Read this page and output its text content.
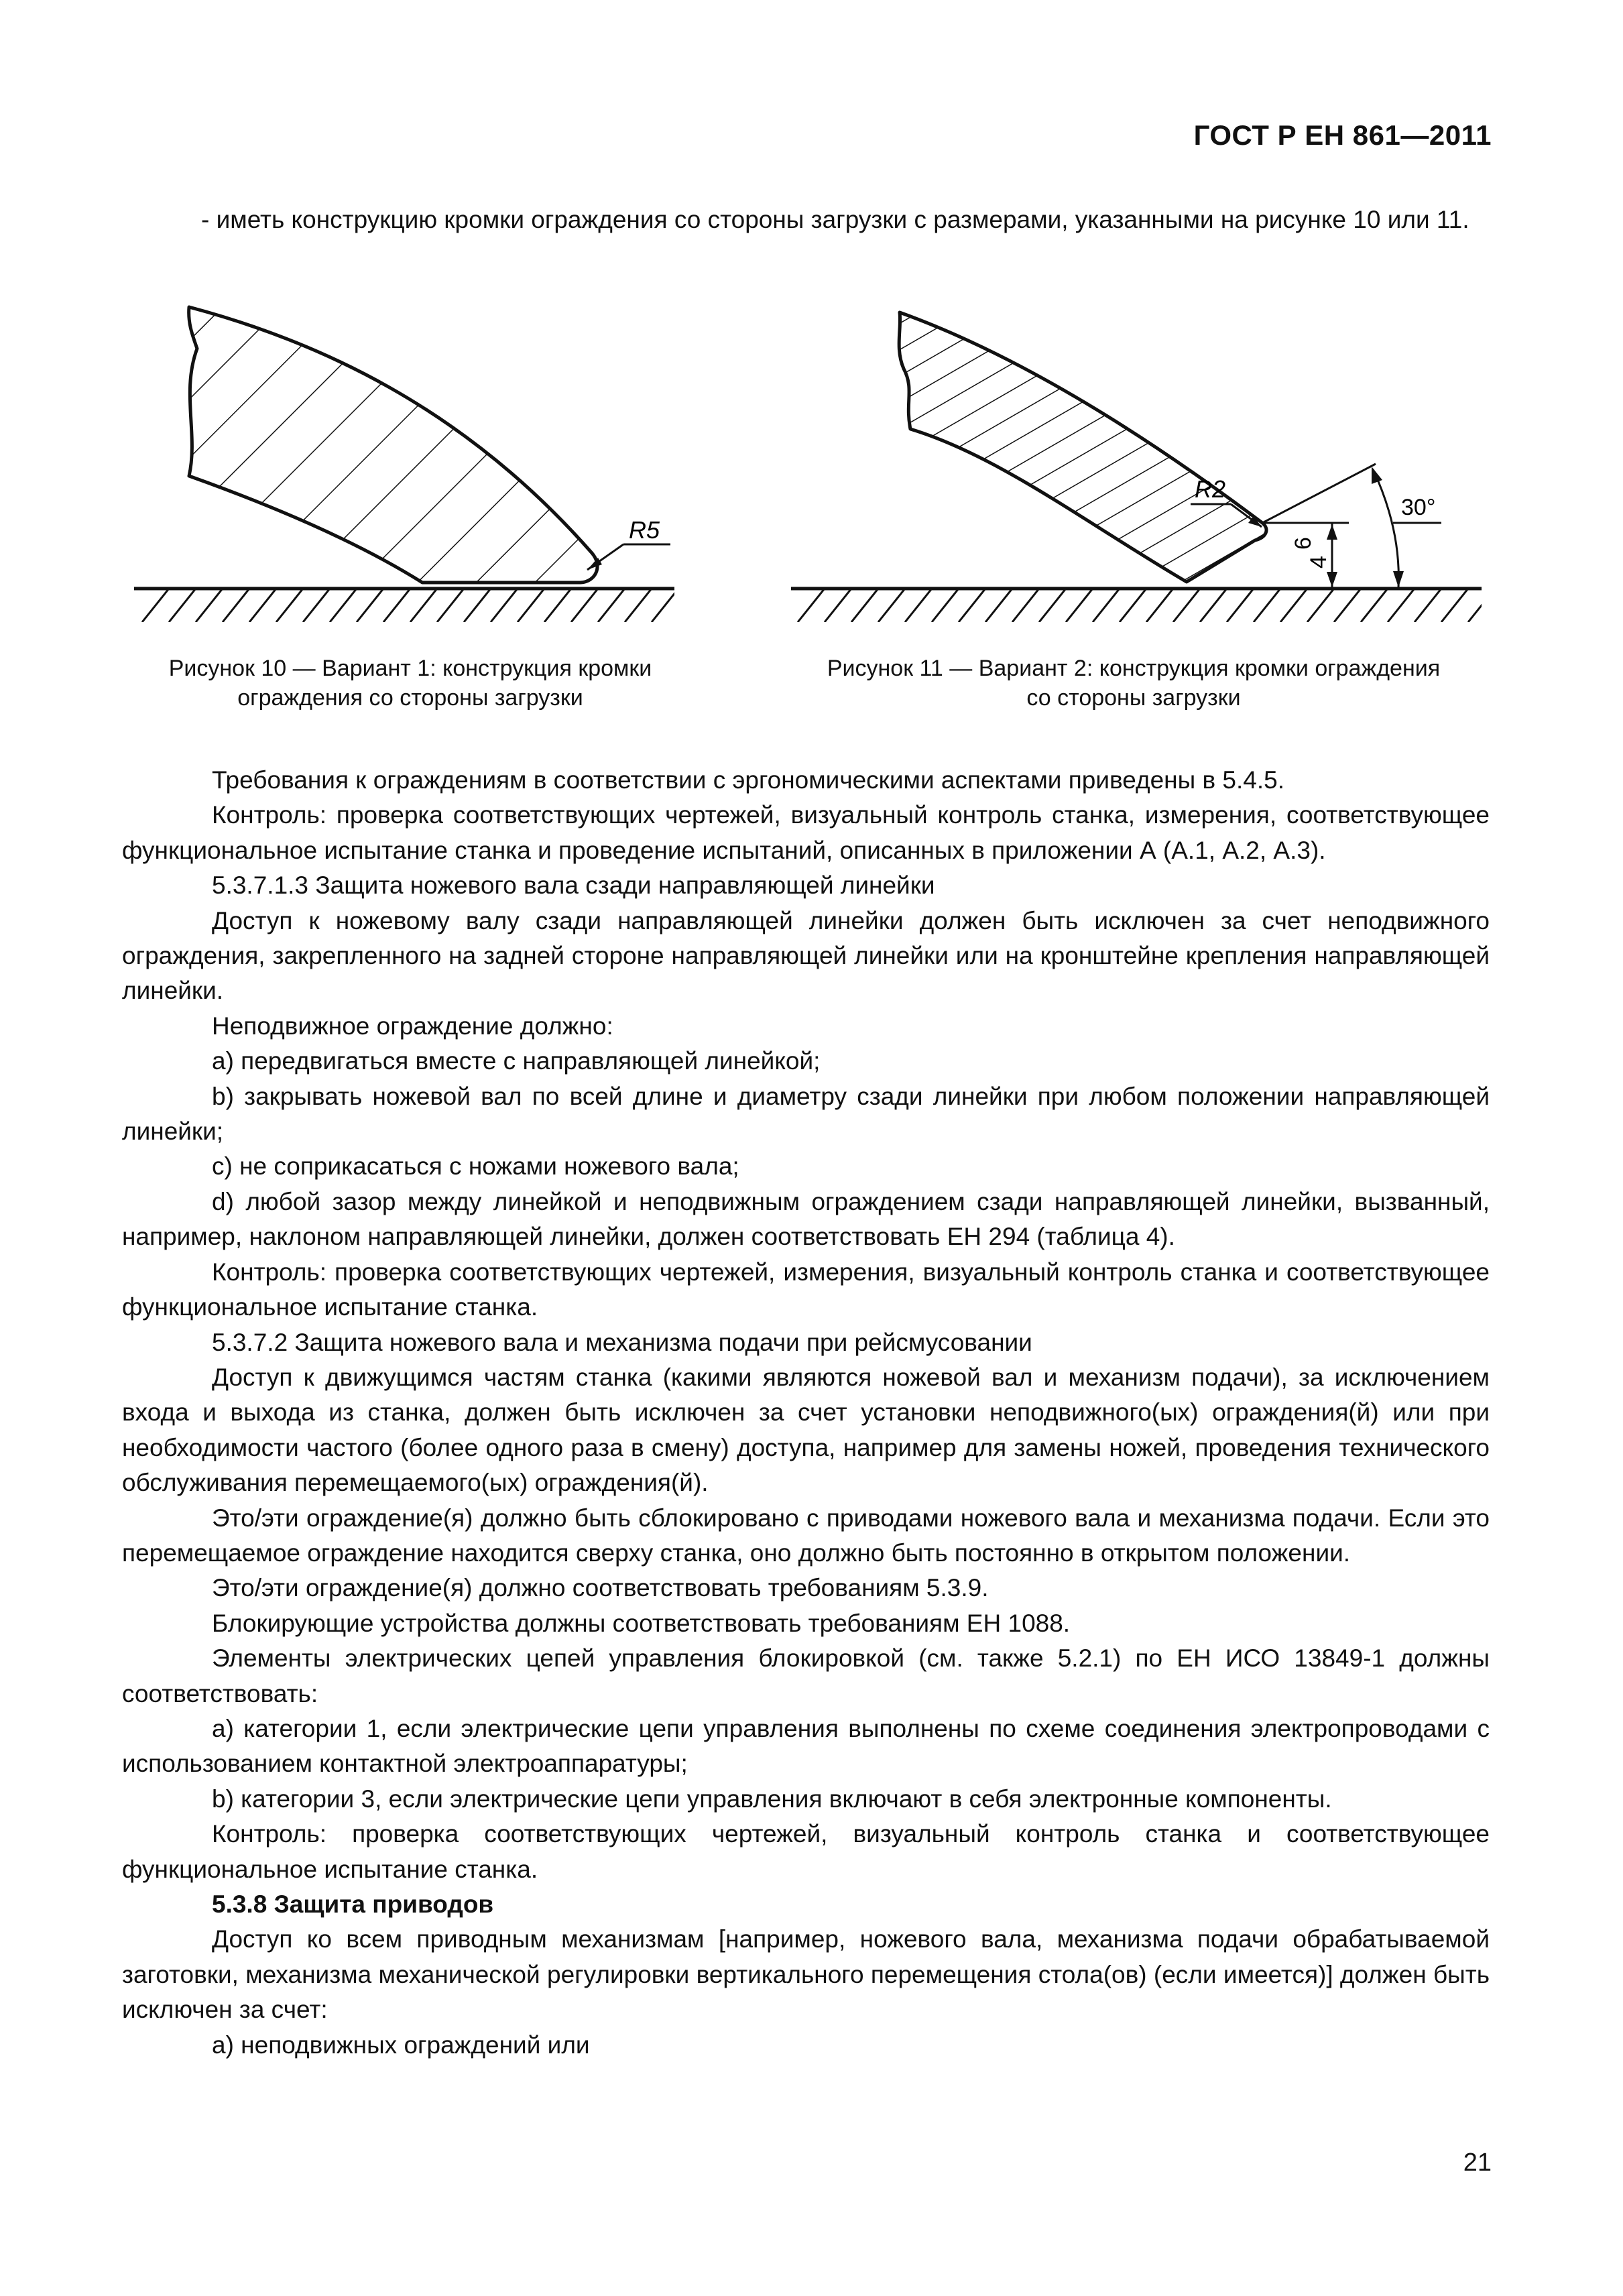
ГОСТ Р ЕН 861—2011
- иметь конструкцию кромки ограждения со стороны загрузки с размерами, указанными на рисунке 10 или 11.
R5	6
4
30°
R2
Рисунок 10 — Вариант 1: конструкция кромки
ограждения со стороны загрузки
Рисунок 11 — Вариант 2: конструкция кромки ограждения
со стороны загрузки

Требования к ограждениям в соответствии с эргономическими аспектами приведены в 5.4.5.

Контроль: проверка соответствующих чертежей, визуальный контроль станка, измерения, соответствующее функциональное испытание станка и проведение испытаний, описанных в приложении А (А.1, А.2, А.3).

5.3.7.1.3 Защита ножевого вала сзади направляющей линейки

Доступ к ножевому валу сзади направляющей линейки должен быть исключен за счет неподвижного ограждения, закрепленного на задней стороне направляющей линейки или на кронштейне крепления направляющей линейки.

Неподвижное ограждение должно:

a) передвигаться вместе с направляющей линейкой;

b) закрывать ножевой вал по всей длине и диаметру сзади линейки при любом положении направляющей линейки;

c) не соприкасаться с ножами ножевого вала;

d) любой зазор между линейкой и неподвижным ограждением сзади направляющей линейки, вызванный, например, наклоном направляющей линейки, должен соответствовать ЕН 294 (таблица 4).

Контроль: проверка соответствующих чертежей, измерения, визуальный контроль станка и соответствующее функциональное испытание станка.

5.3.7.2 Защита ножевого вала и механизма подачи при рейсмусовании

Доступ к движущимся частям станка (какими являются ножевой вал и механизм подачи), за исключением входа и выхода из станка, должен быть исключен за счет установки неподвижного(ых) ограждения(й) или при необходимости частого (более одного раза в смену) доступа, например для замены ножей, проведения технического обслуживания перемещаемого(ых) ограждения(й).

Это/эти ограждение(я) должно быть сблокировано с приводами ножевого вала и механизма подачи. Если это перемещаемое ограждение находится сверху станка, оно должно быть постоянно в открытом положении.

Это/эти ограждение(я) должно соответствовать требованиям 5.3.9.

Блокирующие устройства должны соответствовать требованиям ЕН 1088.

Элементы электрических цепей управления блокировкой (см. также 5.2.1) по ЕН ИСО 13849-1 должны соответствовать:

a) категории 1, если электрические цепи управления выполнены по схеме соединения электропроводами с использованием контактной электроаппаратуры;

b) категории 3, если электрические цепи управления включают в себя электронные компоненты.

Контроль: проверка соответствующих чертежей, визуальный контроль станка и соответствующее функциональное испытание станка.

5.3.8 Защита приводов

Доступ ко всем приводным механизмам [например, ножевого вала, механизма подачи обрабатываемой заготовки, механизма механической регулировки вертикального перемещения стола(ов) (если имеется)] должен быть исключен за счет:

a) неподвижных ограждений или

21
